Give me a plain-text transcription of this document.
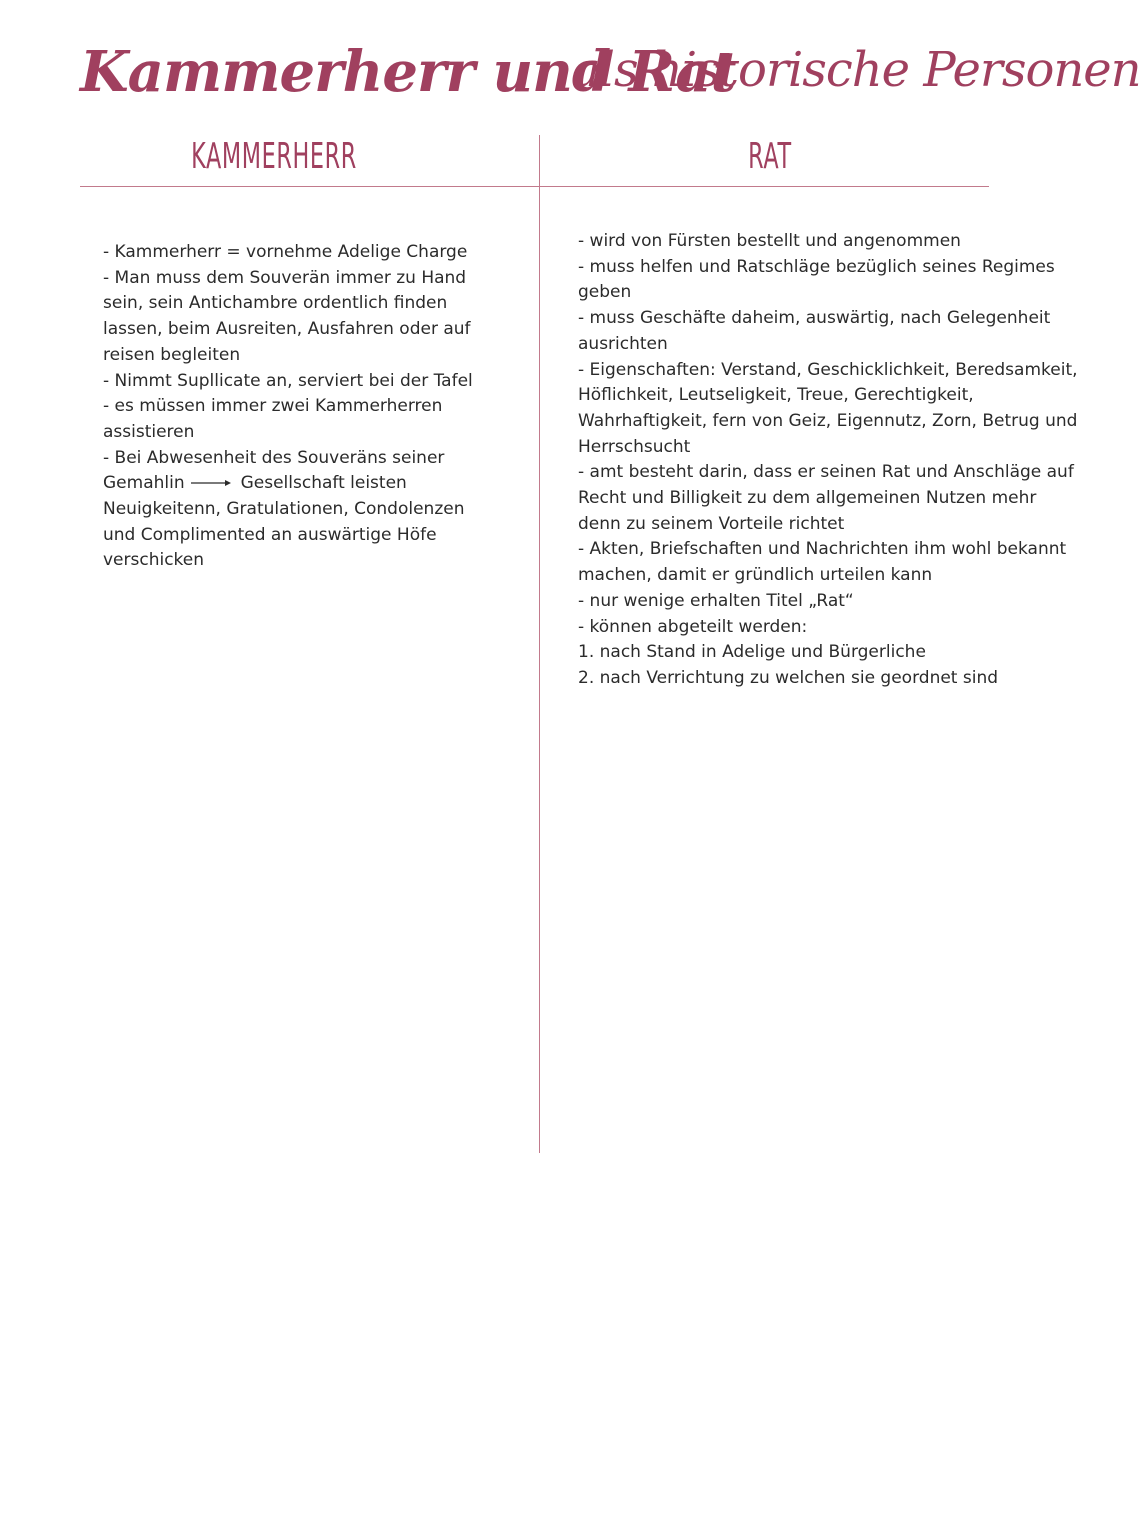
Kammerherr und Rat
als historische Personen
KAMMERHERR	RAT
- Kammerherr = vornehme Adelige Charge
- Man muss dem Souverän immer zu Hand
sein, sein Antichambre ordentlich finden
lassen, beim Ausreiten, Ausfahren oder auf
reisen begleiten
- Nimmt Supllicate an, serviert bei der Tafel
- es müssen immer zwei Kammerherren
assistieren
- Bei Abwesenheit des Souveräns seiner
Gemahlin	Gesellschaft leisten
Neuigkeitenn, Gratulationen, Condolenzen
und Complimented an auswärtige Höfe
verschicken
- wird von Fürsten bestellt und angenommen
- muss helfen und Ratschläge bezüglich seines Regimes
geben
- muss Geschäfte daheim, auswärtig, nach Gelegenheit
ausrichten
- Eigenschaften: Verstand, Geschicklichkeit, Beredsamkeit,
Höflichkeit, Leutseligkeit, Treue, Gerechtigkeit,
Wahrhaftigkeit, fern von Geiz, Eigennutz, Zorn, Betrug und
Herrschsucht
- amt besteht darin, dass er seinen Rat und Anschläge auf
Recht und Billigkeit zu dem allgemeinen Nutzen mehr
denn zu seinem Vorteile richtet
- Akten, Briefschaften und Nachrichten ihm wohl bekannt
machen, damit er gründlich urteilen kann
- nur wenige erhalten Titel „Rat“
- können abgeteilt werden:
1. nach Stand in Adelige und Bürgerliche
2. nach Verrichtung zu welchen sie geordnet sind
